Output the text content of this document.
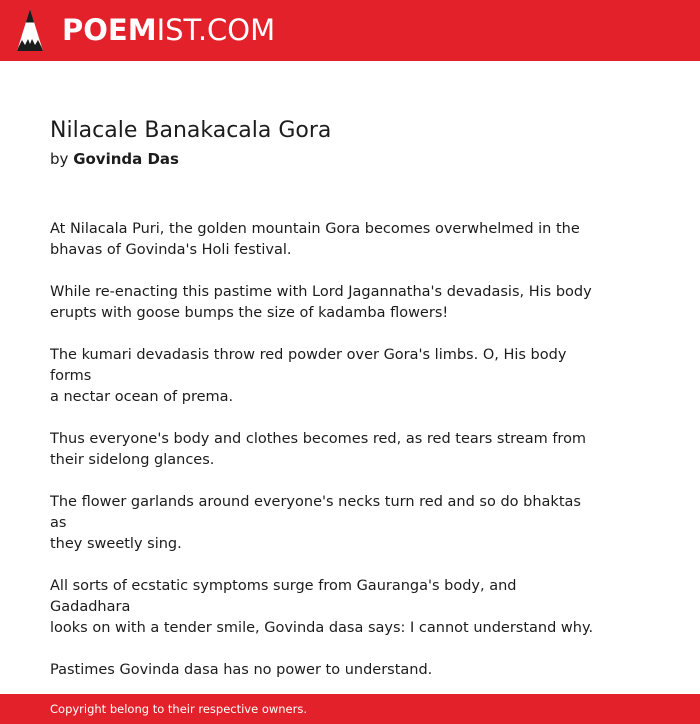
POEMIST.COM
Nilacale Banakacala Gora
by Govinda Das

At Nilacala Puri, the golden mountain Gora becomes overwhelmed in the
bhavas of Govinda's Holi festival.

While re-enacting this pastime with Lord Jagannatha's devadasis, His body
erupts with goose bumps the size of kadamba flowers!

The kumari devadasis throw red powder over Gora's limbs. O, His body forms
a nectar ocean of prema.

Thus everyone's body and clothes becomes red, as red tears stream from
their sidelong glances.

The flower garlands around everyone's necks turn red and so do bhaktas as
they sweetly sing.

All sorts of ecstatic symptoms surge from Gauranga's body, and Gadadhara
looks on with a tender smile, Govinda dasa says: I cannot understand why.

Pastimes Govinda dasa has no power to understand.

Copyright belong to their respective owners.
